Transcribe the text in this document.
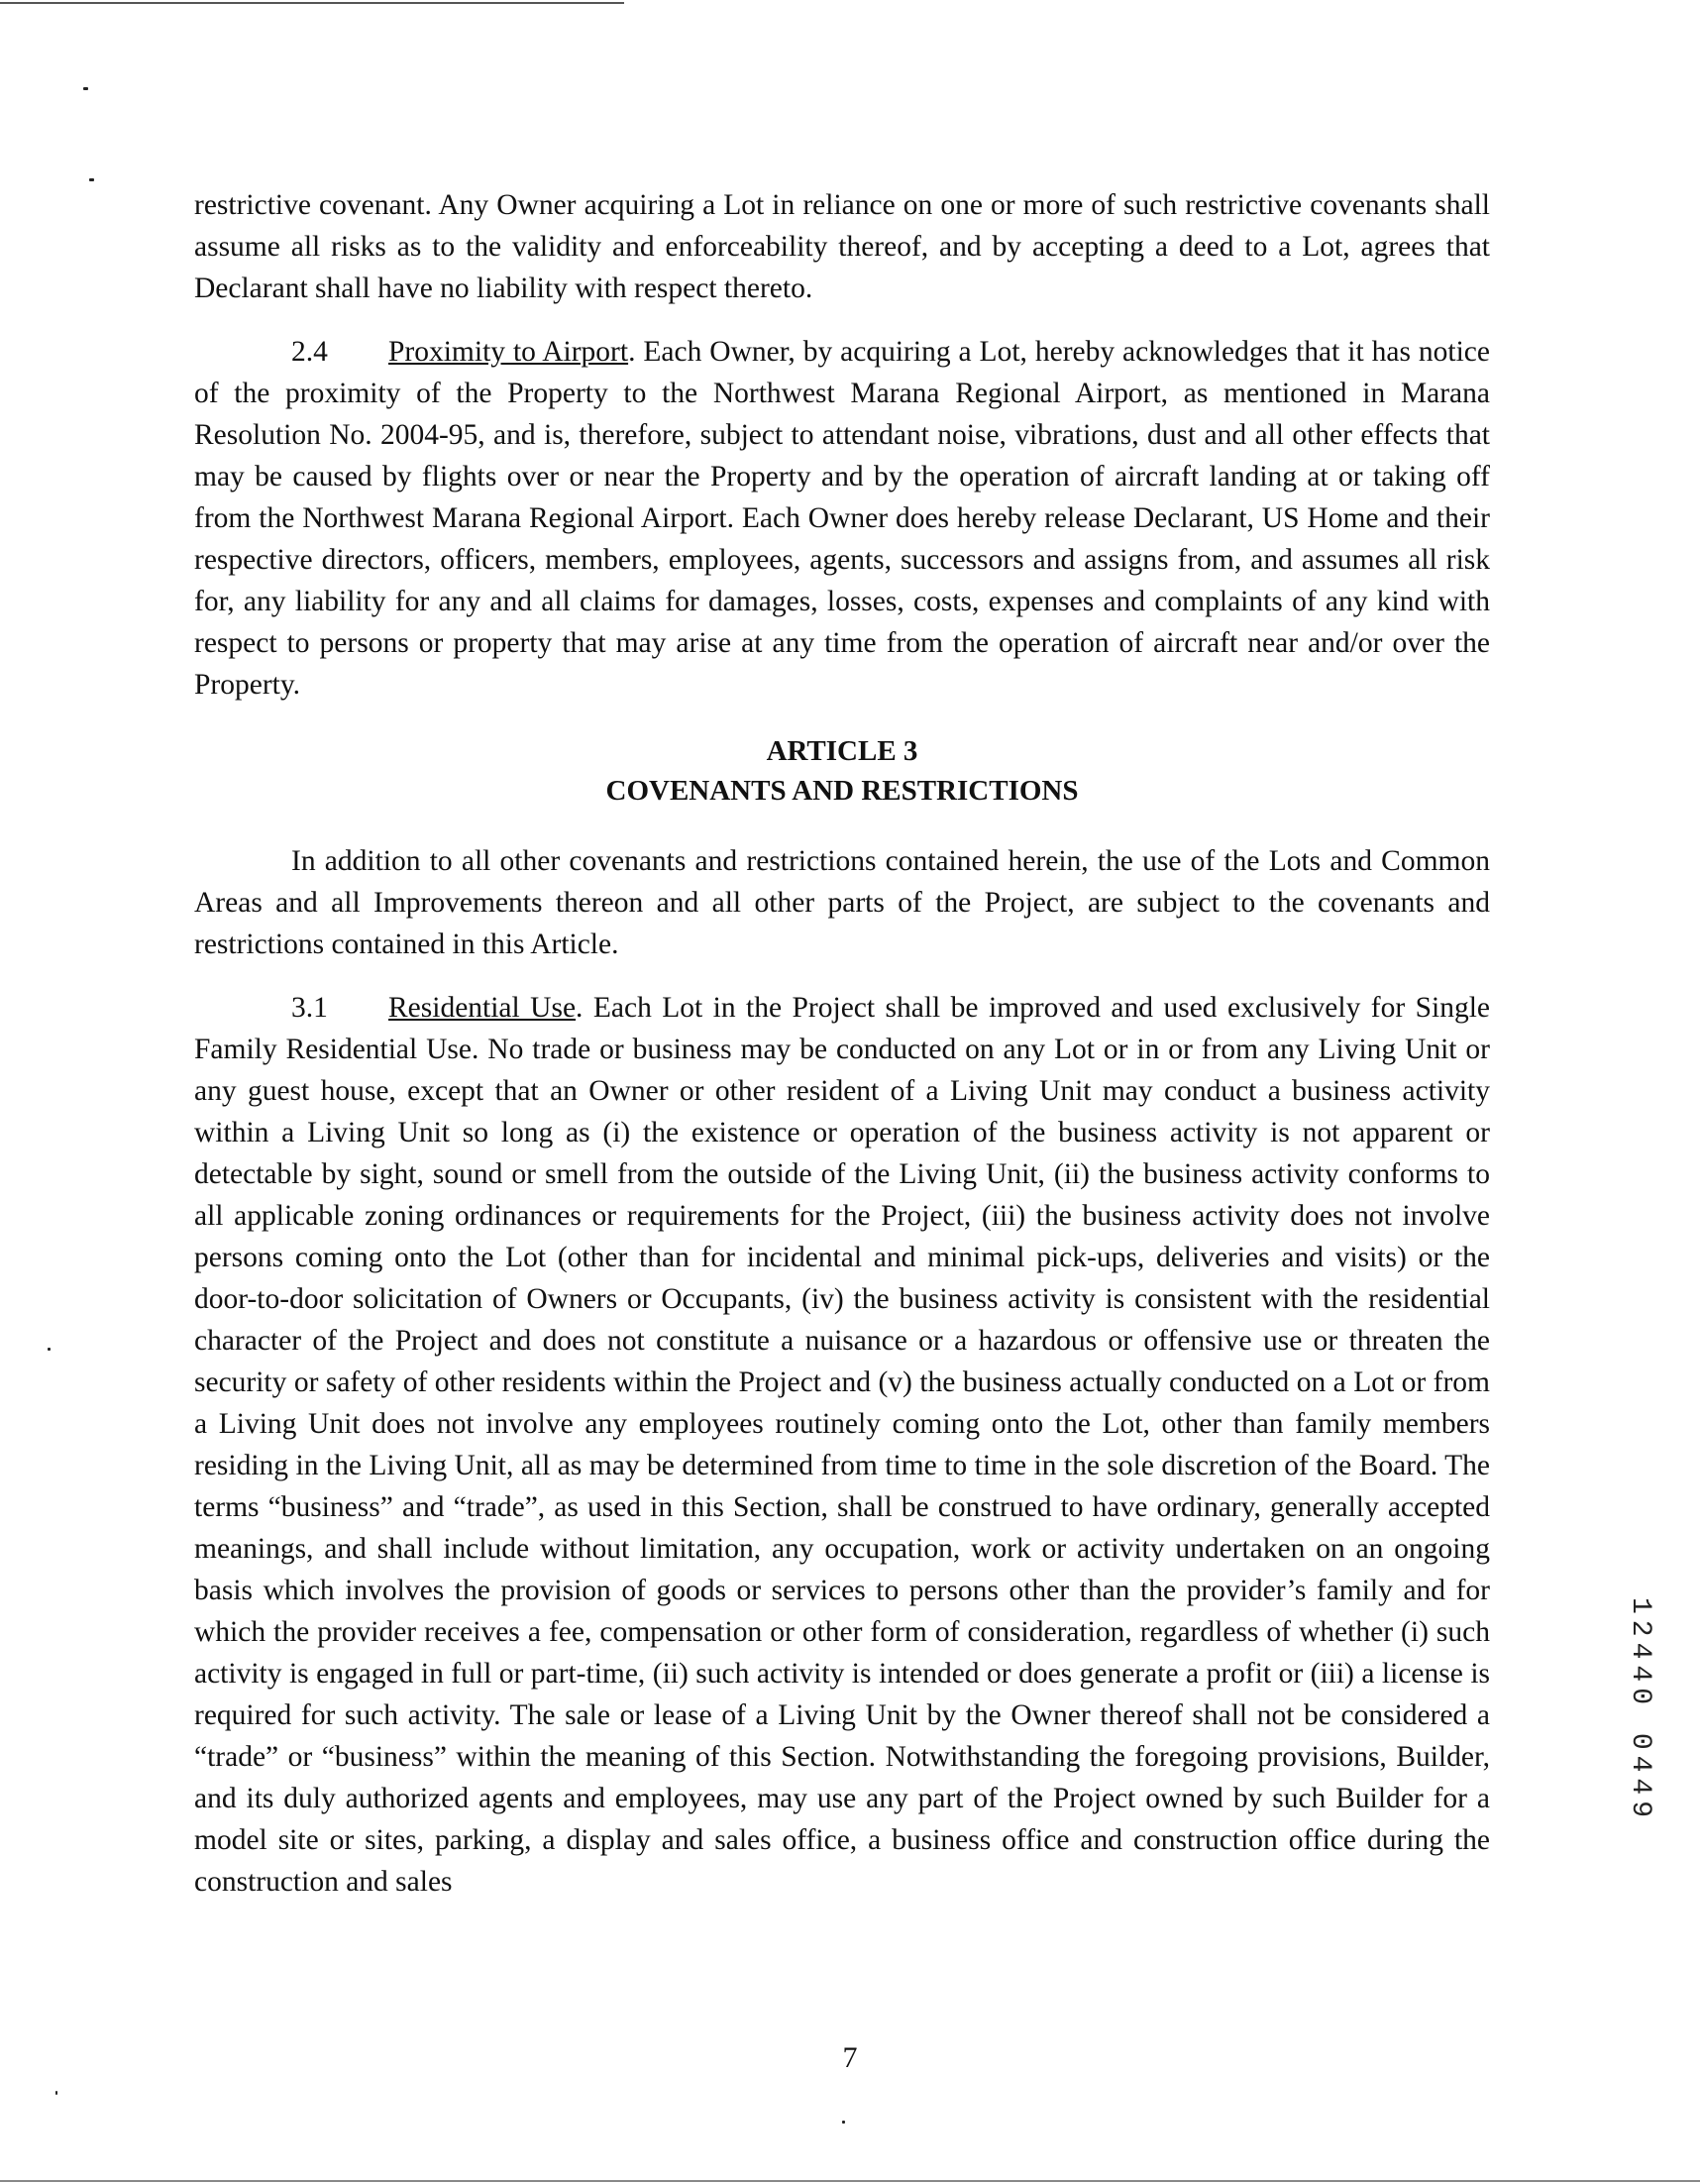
restrictive covenant. Any Owner acquiring a Lot in reliance on one or more of such restrictive covenants shall assume all risks as to the validity and enforceability thereof, and by accepting a deed to a Lot, agrees that Declarant shall have no liability with respect thereto.

2.4 Proximity to Airport. Each Owner, by acquiring a Lot, hereby acknowledges that it has notice of the proximity of the Property to the Northwest Marana Regional Airport, as mentioned in Marana Resolution No. 2004-95, and is, therefore, subject to attendant noise, vibrations, dust and all other effects that may be caused by flights over or near the Property and by the operation of aircraft landing at or taking off from the Northwest Marana Regional Airport. Each Owner does hereby release Declarant, US Home and their respective directors, officers, members, employees, agents, successors and assigns from, and assumes all risk for, any liability for any and all claims for damages, losses, costs, expenses and complaints of any kind with respect to persons or property that may arise at any time from the operation of aircraft near and/or over the Property.

ARTICLE 3

COVENANTS AND RESTRICTIONS

In addition to all other covenants and restrictions contained herein, the use of the Lots and Common Areas and all Improvements thereon and all other parts of the Project, are subject to the covenants and restrictions contained in this Article.

3.1 Residential Use. Each Lot in the Project shall be improved and used exclusively for Single Family Residential Use. No trade or business may be conducted on any Lot or in or from any Living Unit or any guest house, except that an Owner or other resident of a Living Unit may conduct a business activity within a Living Unit so long as (i) the existence or operation of the business activity is not apparent or detectable by sight, sound or smell from the outside of the Living Unit, (ii) the business activity conforms to all applicable zoning ordinances or requirements for the Project, (iii) the business activity does not involve persons coming onto the Lot (other than for incidental and minimal pick-ups, deliveries and visits) or the door-to-door solicitation of Owners or Occupants, (iv) the business activity is consistent with the residential character of the Project and does not constitute a nuisance or a hazardous or offensive use or threaten the security or safety of other residents within the Project and (v) the business actually conducted on a Lot or from a Living Unit does not involve any employees routinely coming onto the Lot, other than family members residing in the Living Unit, all as may be determined from time to time in the sole discretion of the Board. The terms “business” and “trade”, as used in this Section, shall be construed to have ordinary, generally accepted meanings, and shall include without limitation, any occupation, work or activity undertaken on an ongoing basis which involves the provision of goods or services to persons other than the provider’s family and for which the provider receives a fee, compensation or other form of consideration, regardless of whether (i) such activity is engaged in full or part-time, (ii) such activity is intended or does generate a profit or (iii) a license is required for such activity. The sale or lease of a Living Unit by the Owner thereof shall not be considered a “trade” or “business” within the meaning of this Section. Notwithstanding the foregoing provisions, Builder, and its duly authorized agents and employees, may use any part of the Project owned by such Builder for a model site or sites, parking, a display and sales office, a business office and construction office during the construction and sales

7
12440 0449
